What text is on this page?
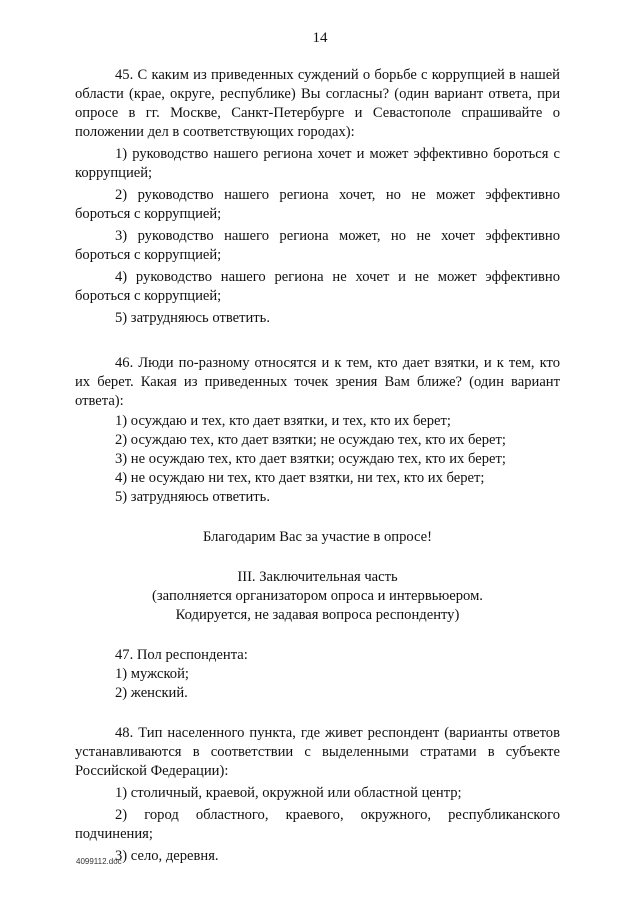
14

45. С каким из приведенных суждений о борьбе с коррупцией в нашей области (крае, округе, республике) Вы согласны? (один вариант ответа, при опросе в гг. Москве, Санкт-Петербурге и Севастополе спрашивайте о положении дел в соответствующих городах):

1) руководство нашего региона хочет и может эффективно бороться с коррупцией;

2) руководство нашего региона хочет, но не может эффективно бороться с коррупцией;

3) руководство нашего региона может, но не хочет эффективно бороться с коррупцией;

4) руководство нашего региона не хочет и не может эффективно бороться с коррупцией;

5) затрудняюсь ответить.

46. Люди по-разному относятся и к тем, кто дает взятки, и к тем, кто их берет. Какая из приведенных точек зрения Вам ближе? (один вариант ответа):

1) осуждаю и тех, кто дает взятки, и тех, кто их берет;

2) осуждаю тех, кто дает взятки; не осуждаю тех, кто их берет;

3) не осуждаю тех, кто дает взятки; осуждаю тех, кто их берет;

4) не осуждаю ни тех, кто дает взятки, ни тех, кто их берет;

5) затрудняюсь ответить.

Благодарим Вас за участие в опросе!

III. Заключительная часть

(заполняется организатором опроса и интервьюером.

Кодируется, не задавая вопроса респонденту)

47. Пол респондента:

1) мужской;

2) женский.

48. Тип населенного пункта, где живет респондент (варианты ответов устанавливаются в соответствии с выделенными стратами в субъекте Российской Федерации):

1) столичный, краевой, окружной или областной центр;

2) город областного, краевого, окружного, республиканского подчинения;

3) село, деревня.

4099112.doc
